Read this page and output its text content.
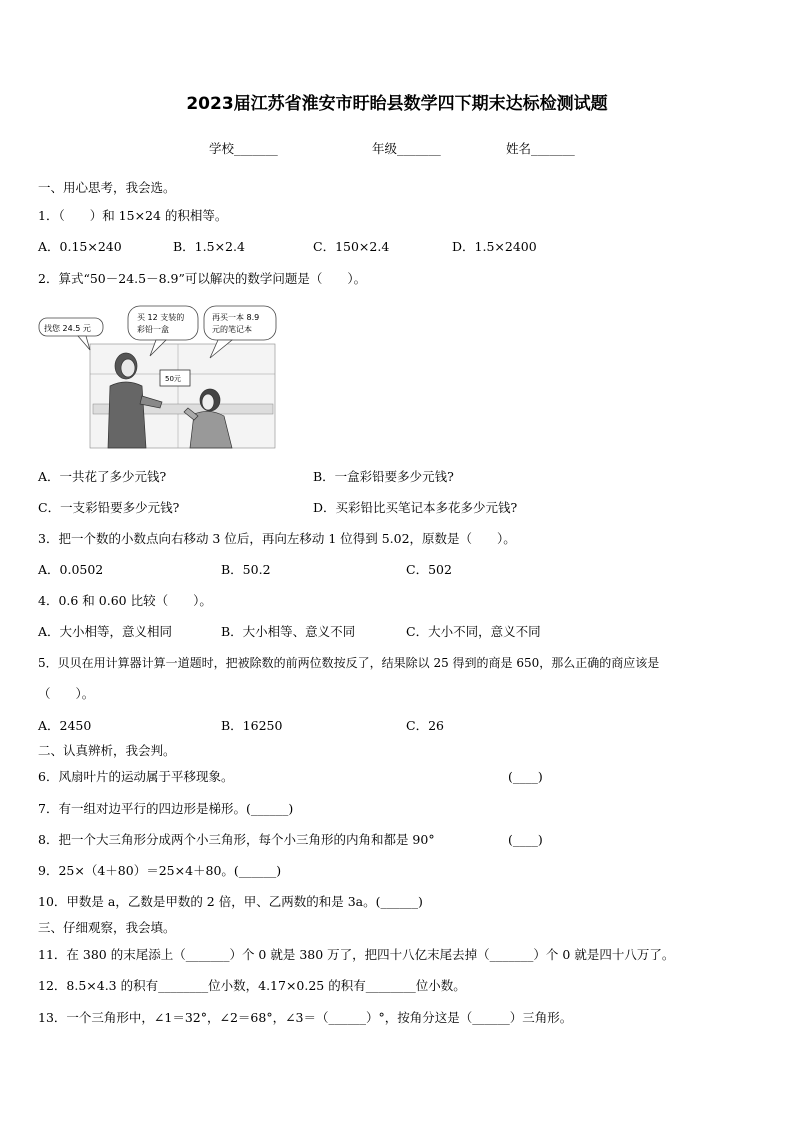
2023届江苏省淮安市盱眙县数学四下期末达标检测试题
学校_______	年级_______	姓名_______
一、用心思考，我会选。
1．（　　）和 15×24 的积相等。
A．0.15×240	B．1.5×2.4	C．150×2.4	D．1.5×2400
2．算式“50－24.5－8.9”可以解决的数学问题是（　　）。
找您 24.5 元
买 12 支装的
彩铅一盒
再买一本 8.9
元的笔记本
50元
A．一共花了多少元钱?	B．一盒彩铅要多少元钱?
C．一支彩铅要多少元钱?	D．买彩铅比买笔记本多花多少元钱?
3．把一个数的小数点向右移动 3 位后，再向左移动 1 位得到 5.02，原数是（　　）。
A．0.0502	B．50.2	C．502
4．0.6 和 0.60 比较（　　）。
A．大小相等，意义相同	B．大小相等、意义不同	C．大小不同，意义不同
5．贝贝在用计算器计算一道题时，把被除数的前两位数按反了，结果除以 25 得到的商是 650，那么正确的商应该是
（　　）。
A．2450	B．16250	C．26
二、认真辨析，我会判。
6．风扇叶片的运动属于平移现象。	(____)
7．有一组对边平行的四边形是梯形。(______)
8．把一个大三角形分成两个小三角形，每个小三角形的内角和都是 90°	(____)
9．25×（4＋80）＝25×4＋80。(______)
10．甲数是 a，乙数是甲数的 2 倍，甲、乙两数的和是 3a。(______)
三、仔细观察，我会填。
11．在 380 的末尾添上（_______）个 0 就是 380 万了，把四十八亿末尾去掉（_______）个 0 就是四十八万了。
12．8.5×4.3 的积有________位小数，4.17×0.25 的积有________位小数。
13．一个三角形中，∠1＝32°，∠2＝68°，∠3＝（______）°，按角分这是（______）三角形。
